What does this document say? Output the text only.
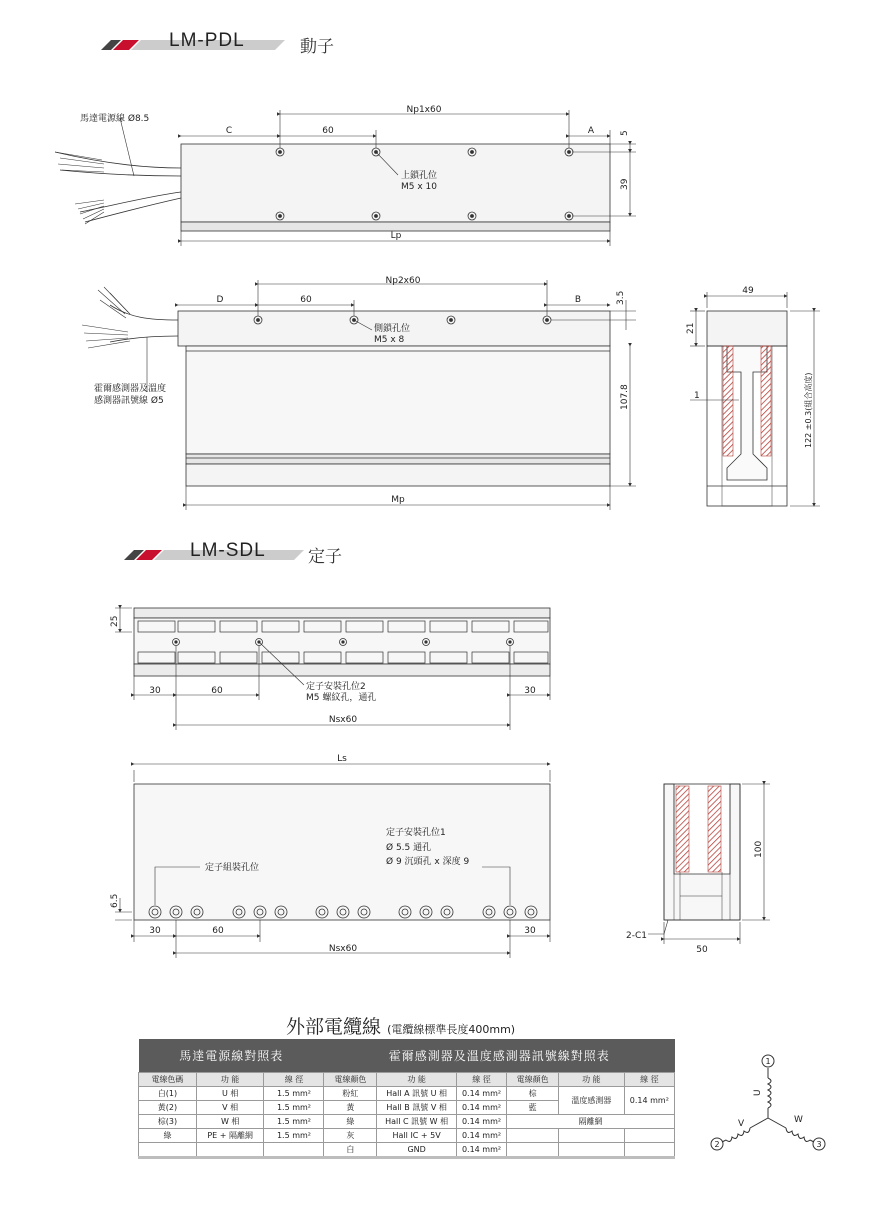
LM-PDL	動子
LM-SDL 定子
馬達電源線 Ø8.5
Np1x60
C	60	A	5
39
上鎖孔位
M5 x 10
Lp
Np2x60
D	60	B	3.5
側鎖孔位
M5 x 8
霍爾感測器及溫度
感測器訊號線 Ø5	107.8
Mp
49
21
1	122 ±0.3(組合高度)
25
30	60	30
定子安裝孔位2
M5 螺紋孔，通孔
Nsx60
Ls
定子安裝孔位1
Ø 5.5 通孔
Ø 9 沉頭孔 x 深度 9
定子組裝孔位
6.5
30	60	30
Nsx60
100
50
2-C1
外部電纜線 (電纜線標準長度400mm)
馬達電源線對照表			霍爾感測器及溫度感測器訊號線對照表					
電線色碼	功 能	線 徑	電線顏色	功 能	線 徑	電線顏色	功 能	線 徑
白(1)	U 相	1.5 mm²	粉紅	Hall A 訊號 U 相	0.14 mm²	棕	溫度感測器	0.14 mm²
黃(2)	V 相	1.5 mm²	黃	Hall B 訊號 V 相	0.14 mm²	藍		
棕(3)	W 相	1.5 mm²	綠	Hall C 訊號 W 相	0.14 mm²	隔離網		
綠	PE + 隔離網	1.5 mm²	灰	Hall IC + 5V	0.14 mm²			
			白	GND	0.14 mm²			
1
2	3
U
V	W
